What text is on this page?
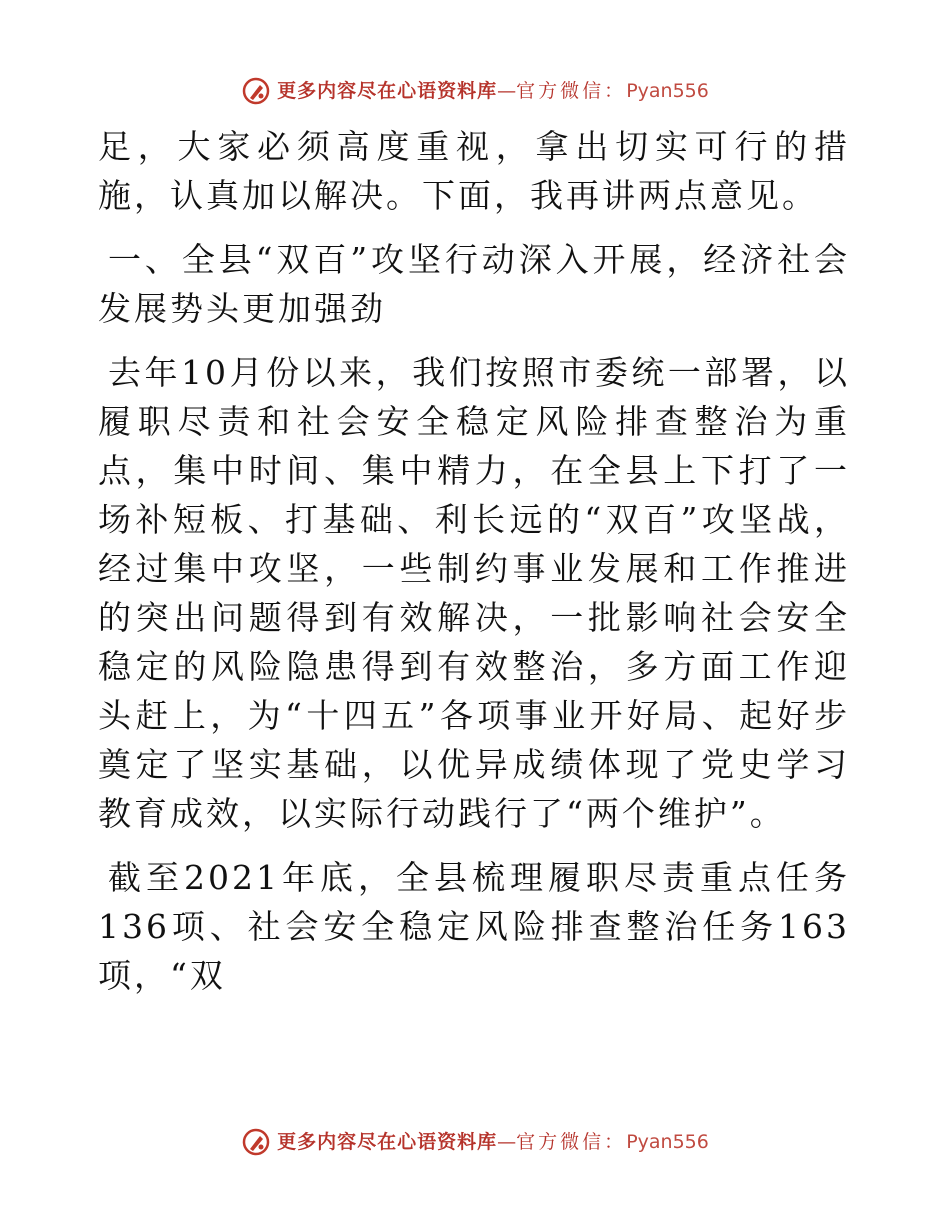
更多内容尽在心语资料库 — 官方微信： Pyan556

足，大家必须高度重视，拿出切实可行的措施，认真加以解决。下面，我再讲两点意见。

一、全县“双百”攻坚行动深入开展，经济社会发展势头更加强劲

去年10月份以来，我们按照市委统一部署，以履职尽责和社会安全稳定风险排查整治为重点，集中时间、集中精力，在全县上下打了一场补短板、打基础、利长远的“双百”攻坚战，经过集中攻坚，一些制约事业发展和工作推进的突出问题得到有效解决，一批影响社会安全稳定的风险隐患得到有效整治，多方面工作迎头赶上，为“十四五”各项事业开好局、起好步奠定了坚实基础，以优异成绩体现了党史学习教育成效，以实际行动践行了“两个维护”。

截至2021年底，全县梳理履职尽责重点任务136项、社会安全稳定风险排查整治任务163项，“双

更多内容尽在心语资料库 — 官方微信： Pyan556
